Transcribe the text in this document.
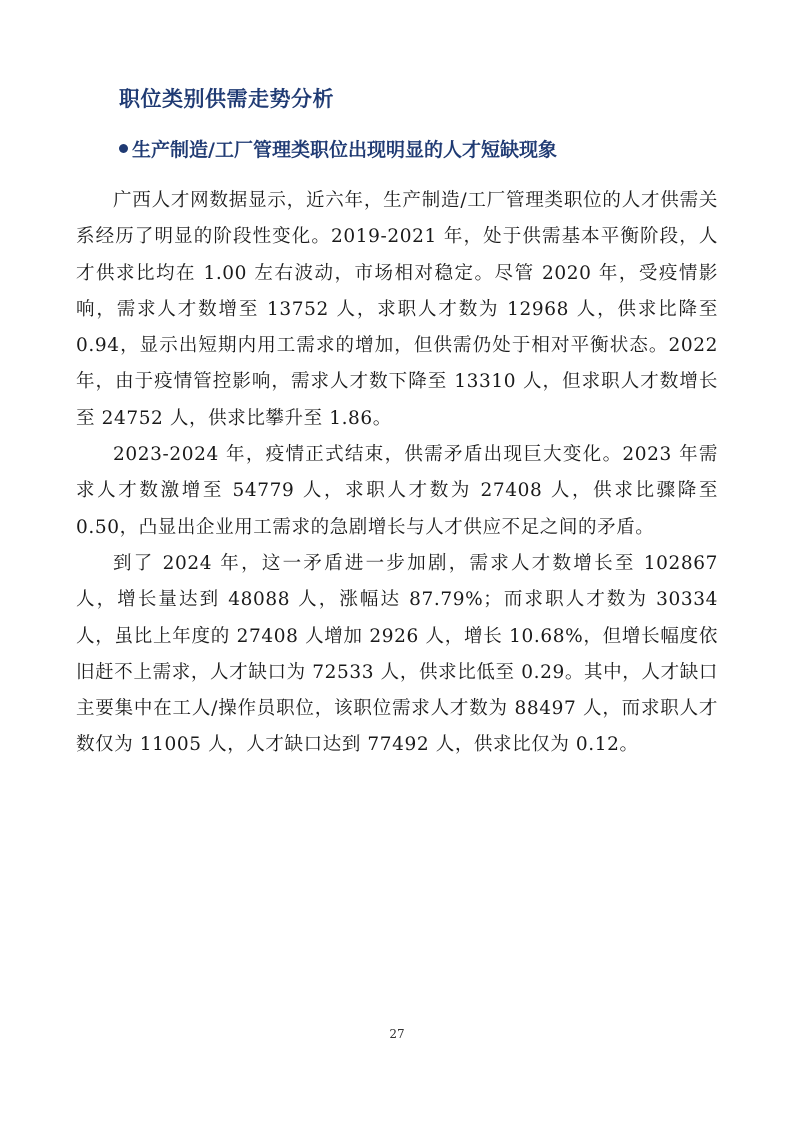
职位类别供需走势分析
生产制造/工厂管理类职位出现明显的人才短缺现象

广西人才网数据显示，近六年，生产制造/工厂管理类职位的人才供需关系经历了明显的阶段性变化。2019-2021 年，处于供需基本平衡阶段，人才供求比均在 1.00 左右波动，市场相对稳定。尽管 2020 年，受疫情影响，需求人才数增至 13752 人，求职人才数为 12968 人，供求比降至 0.94，显示出短期内用工需求的增加，但供需仍处于相对平衡状态。2022 年，由于疫情管控影响，需求人才数下降至 13310 人，但求职人才数增长至 24752 人，供求比攀升至 1.86。

2023-2024 年，疫情正式结束，供需矛盾出现巨大变化。2023 年需求人才数激增至 54779 人，求职人才数为 27408 人，供求比骤降至 0.50，凸显出企业用工需求的急剧增长与人才供应不足之间的矛盾。

到了 2024 年，这一矛盾进一步加剧，需求人才数增长至 102867 人，增长量达到 48088 人，涨幅达 87.79%；而求职人才数为 30334 人，虽比上年度的 27408 人增加 2926 人，增长 10.68%，但增长幅度依旧赶不上需求，人才缺口为 72533 人，供求比低至 0.29。其中，人才缺口主要集中在工人/操作员职位，该职位需求人才数为 88497 人，而求职人才数仅为 11005 人，人才缺口达到 77492 人，供求比仅为 0.12。

27
